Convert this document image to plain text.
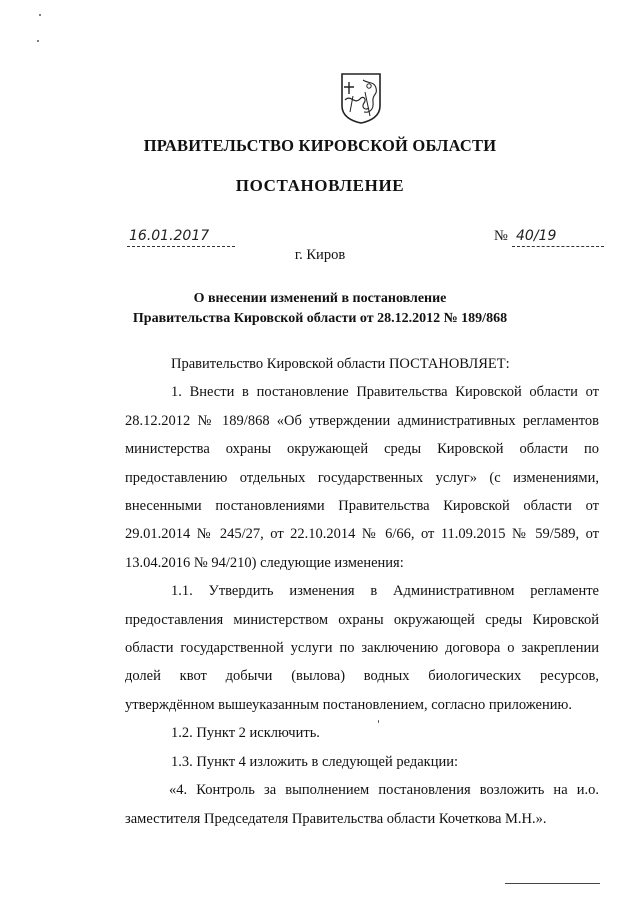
ПРАВИТЕЛЬСТВО КИРОВСКОЙ ОБЛАСТИ
ПОСТАНОВЛЕНИЕ
16.01.2017	№ 40/19
г. Киров
О внесении изменений в постановление
Правительства Кировской области от 28.12.2012 № 189/868

Правительство Кировской области ПОСТАНОВЛЯЕТ:

1. Внести в постановление Правительства Кировской области от 28.12.2012 № 189/868 «Об утверждении административных регламентов министерства охраны окружающей среды Кировской области по предоставлению отдельных государственных услуг» (с изменениями, внесенными постановлениями Правительства Кировской области от 29.01.2014 № 245/27, от 22.10.2014 № 6/66, от 11.09.2015 № 59/589, от 13.04.2016 № 94/210) следующие изменения:

1.1. Утвердить изменения в Административном регламенте предоставления министерством охраны окружающей среды Кировской области государственной услуги по заключению договора о закреплении долей квот добычи (вылова) водных биологических ресурсов, утверждённом вышеуказанным постановлением, согласно приложению.

1.2. Пункт 2 исключить.

1.3. Пункт 4 изложить в следующей редакции:

«4. Контроль за выполнением постановления возложить на и.о. заместителя Председателя Правительства области Кочеткова М.Н.».
